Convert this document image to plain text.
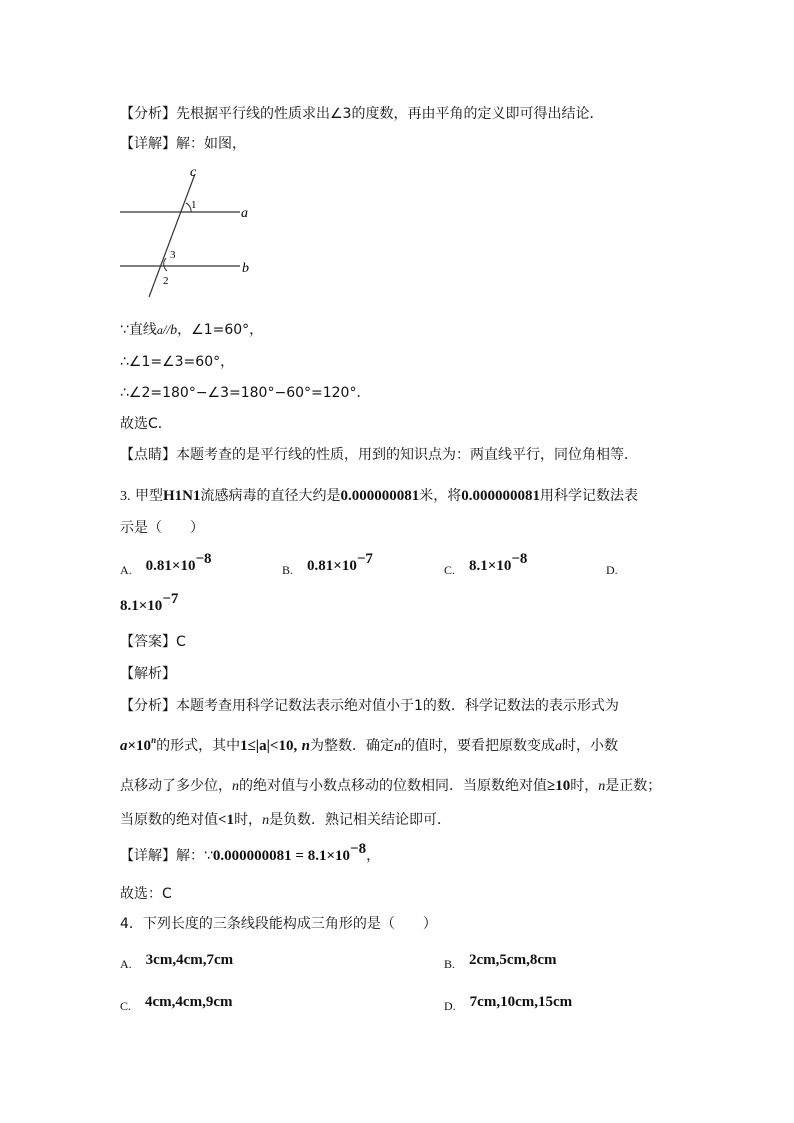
【分析】先根据平行线的性质求出∠3的度数，再由平角的定义即可得出结论．
【详解】解：如图，
c
a
b
1
3
2
∵直线a//b，∠1=60°，
∴∠1=∠3=60°，
∴∠2=180°−∠3=180°−60°=120°．
故选C．
【点睛】本题考查的是平行线的性质，用到的知识点为：两直线平行，同位角相等．
3. 甲型H1N1流感病毒的直径大约是0.000000081米，将0.000000081用科学记数法表
示是（　　）
A. $0.81\times 10^{-8}$
B. $0.81\times 10^{-7}$
C. $8.1\times 10^{-8}$
D.
$8.1\times 10^{-7}$
【答案】C
【解析】
【分析】本题考查用科学记数法表示绝对值小于1的数．科学记数法的表示形式为
$a\times 10^n$的形式，其中1≤|a|<10, n为整数．确定n的值时，要看把原数变成a时，小数
点移动了多少位，n的绝对值与小数点移动的位数相同．当原数绝对值≥10时，n是正数；
当原数的绝对值<1时，n是负数．熟记相关结论即可．
【详解】解：∵0.000000081 = $8.1\times 10^{-8}$，
故选：C
4．下列长度的三条线段能构成三角形的是（　　）
A. 3cm,4cm,7cm	B. 2cm,5cm,8cm
C. 4cm,4cm,9cm	D. 7cm,10cm,15cm
